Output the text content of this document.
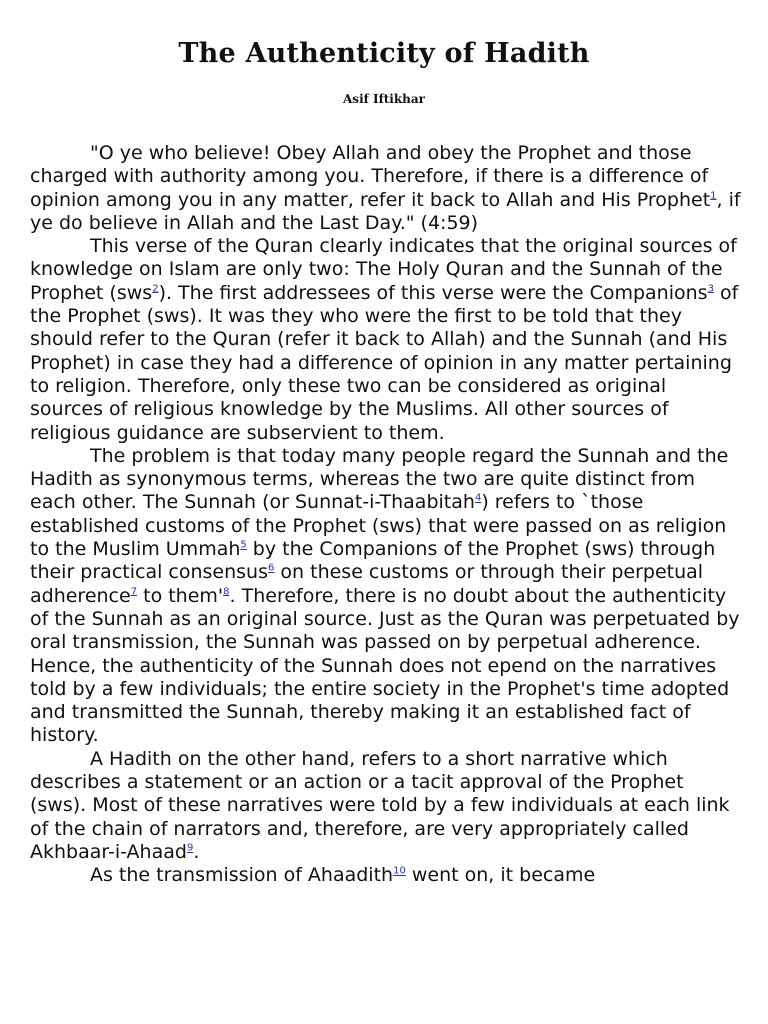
The Authenticity of Hadith
Asif Iftikhar

"O ye who believe! Obey Allah and obey the Prophet and those charged with authority among you. Therefore, if there is a difference of opinion among you in any matter, refer it back to Allah and His Prophet$^1$, if ye do believe in Allah and the Last Day." (4:59)

This verse of the Quran clearly indicates that the original sources of knowledge on Islam are only two: The Holy Quran and the Sunnah of the Prophet (sws$^2$). The first addressees of this verse were the Companions$^3$ of the Prophet (sws). It was they who were the first to be told that they should refer to the Quran (refer it back to Allah) and the Sunnah (and His Prophet) in case they had a difference of opinion in any matter pertaining to religion. Therefore, only these two can be considered as original sources of religious knowledge by the Muslims. All other sources of religious guidance are subservient to them.

The problem is that today many people regard the Sunnah and the Hadith as synonymous terms, whereas the two are quite distinct from each other. The Sunnah (or Sunnat-i-Thaabitah$^4$) refers to `those established customs of the Prophet (sws) that were passed on as religion to the Muslim Ummah$^5$ by the Companions of the Prophet (sws) through their practical consensus$^6$ on these customs or through their perpetual adherence$^7$ to them'$^8$. Therefore, there is no doubt about the authenticity of the Sunnah as an original source. Just as the Quran was perpetuated by oral transmission, the Sunnah was passed on by perpetual adherence. Hence, the authenticity of the Sunnah does not epend on the narratives told by a few individuals; the entire society in the Prophet's time adopted and transmitted the Sunnah, thereby making it an established fact of history.

A Hadith on the other hand, refers to a short narrative which describes a statement or an action or a tacit approval of the Prophet (sws). Most of these narratives were told by a few individuals at each link of the chain of narrators and, therefore, are very appropriately called Akhbaar-i-Ahaad$^9$.

As the transmission of Ahaadith$^{10}$ went on, it became
